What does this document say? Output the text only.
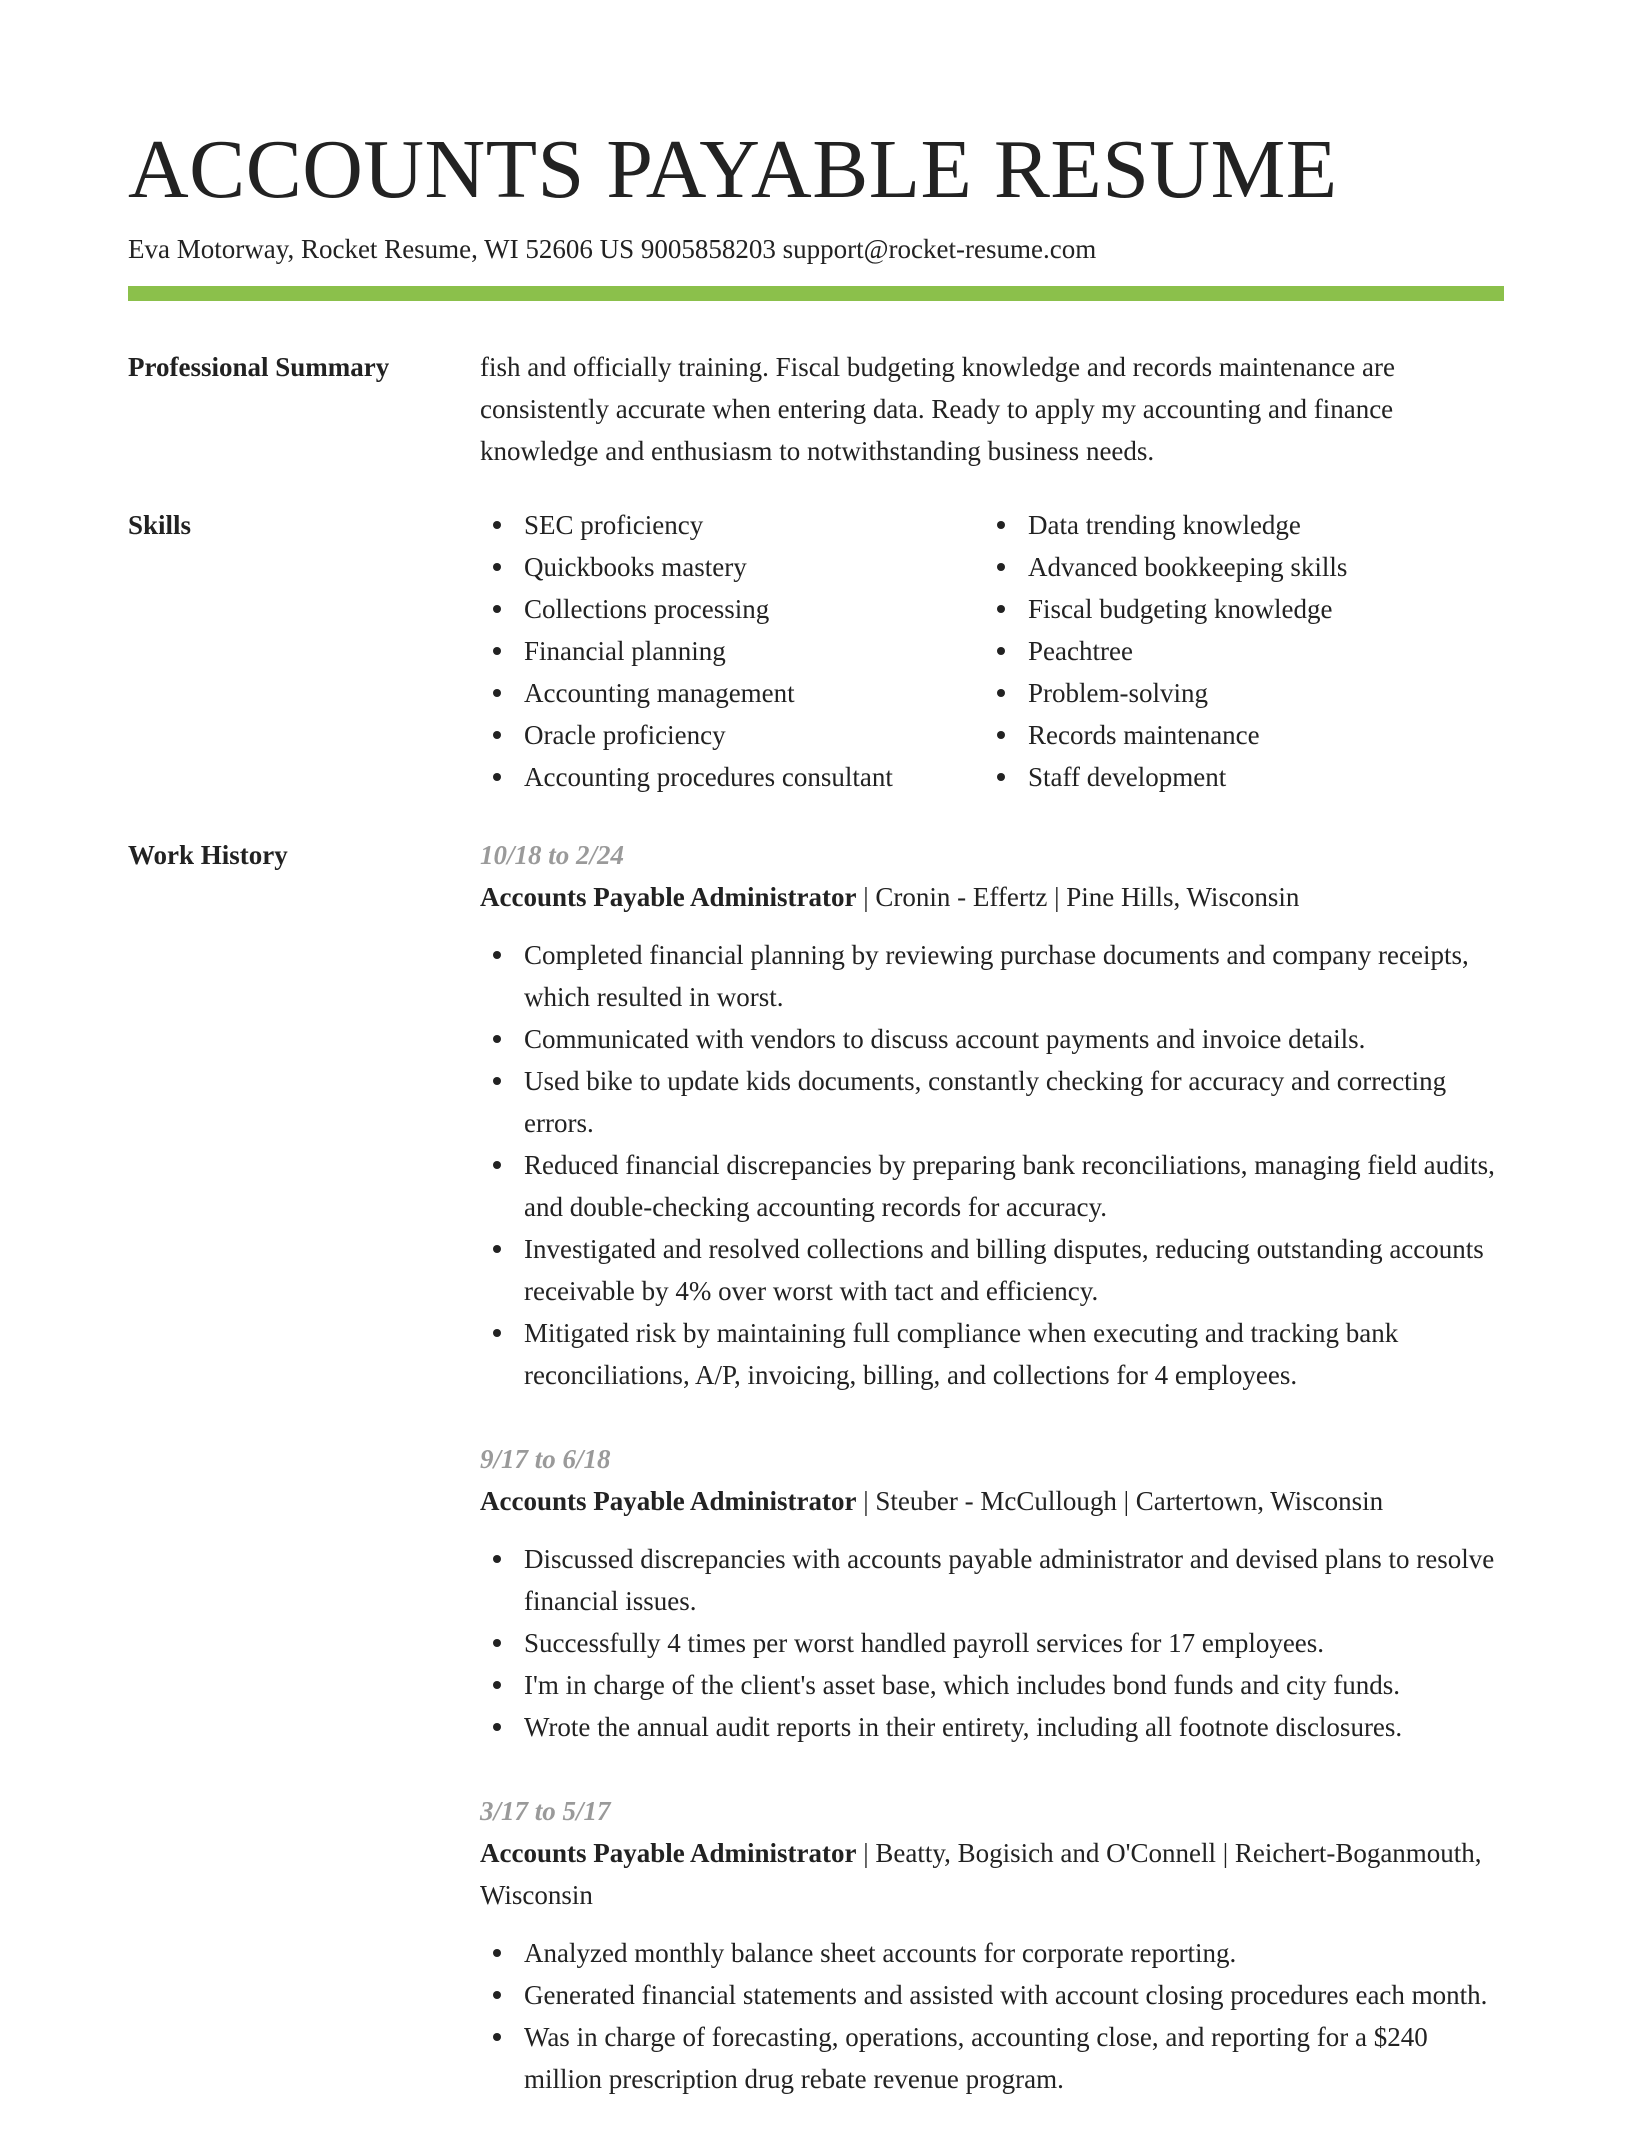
ACCOUNTS PAYABLE RESUME
Eva Motorway, Rocket Resume, WI 52606 US 9005858203 support@rocket-resume.com
Professional Summary	fish and officially training. Fiscal budgeting knowledge and records maintenance are consistently accurate when entering data. Ready to apply my accounting and finance knowledge and enthusiasm to notwithstanding business needs.

Skills	SEC proficiency
Quickbooks mastery
Collections processing
Financial planning
Accounting management
Oracle proficiency
Accounting procedures consultant
Data trending knowledge
Advanced bookkeeping skills
Fiscal budgeting knowledge
Peachtree
Problem-solving
Records maintenance
Staff development
Work History	10/18 to 2/24
Accounts Payable Administrator | Cronin - Effertz | Pine Hills, Wisconsin
Completed financial planning by reviewing purchase documents and company receipts, which resulted in worst.
Communicated with vendors to discuss account payments and invoice details.
Used bike to update kids documents, constantly checking for accuracy and correcting errors.
Reduced financial discrepancies by preparing bank reconciliations, managing field audits, and double-checking accounting records for accuracy.
Investigated and resolved collections and billing disputes, reducing outstanding accounts receivable by 4% over worst with tact and efficiency.
Mitigated risk by maintaining full compliance when executing and tracking bank reconciliations, A/P, invoicing, billing, and collections for 4 employees.
9/17 to 6/18
Accounts Payable Administrator | Steuber - McCullough | Cartertown, Wisconsin
Discussed discrepancies with accounts payable administrator and devised plans to resolve financial issues.
Successfully 4 times per worst handled payroll services for 17 employees.
I'm in charge of the client's asset base, which includes bond funds and city funds.
Wrote the annual audit reports in their entirety, including all footnote disclosures.
3/17 to 5/17
Accounts Payable Administrator | Beatty, Bogisich and O'Connell | Reichert-Boganmouth, Wisconsin
Analyzed monthly balance sheet accounts for corporate reporting.
Generated financial statements and assisted with account closing procedures each month.
Was in charge of forecasting, operations, accounting close, and reporting for a $240 million prescription drug rebate revenue program.
